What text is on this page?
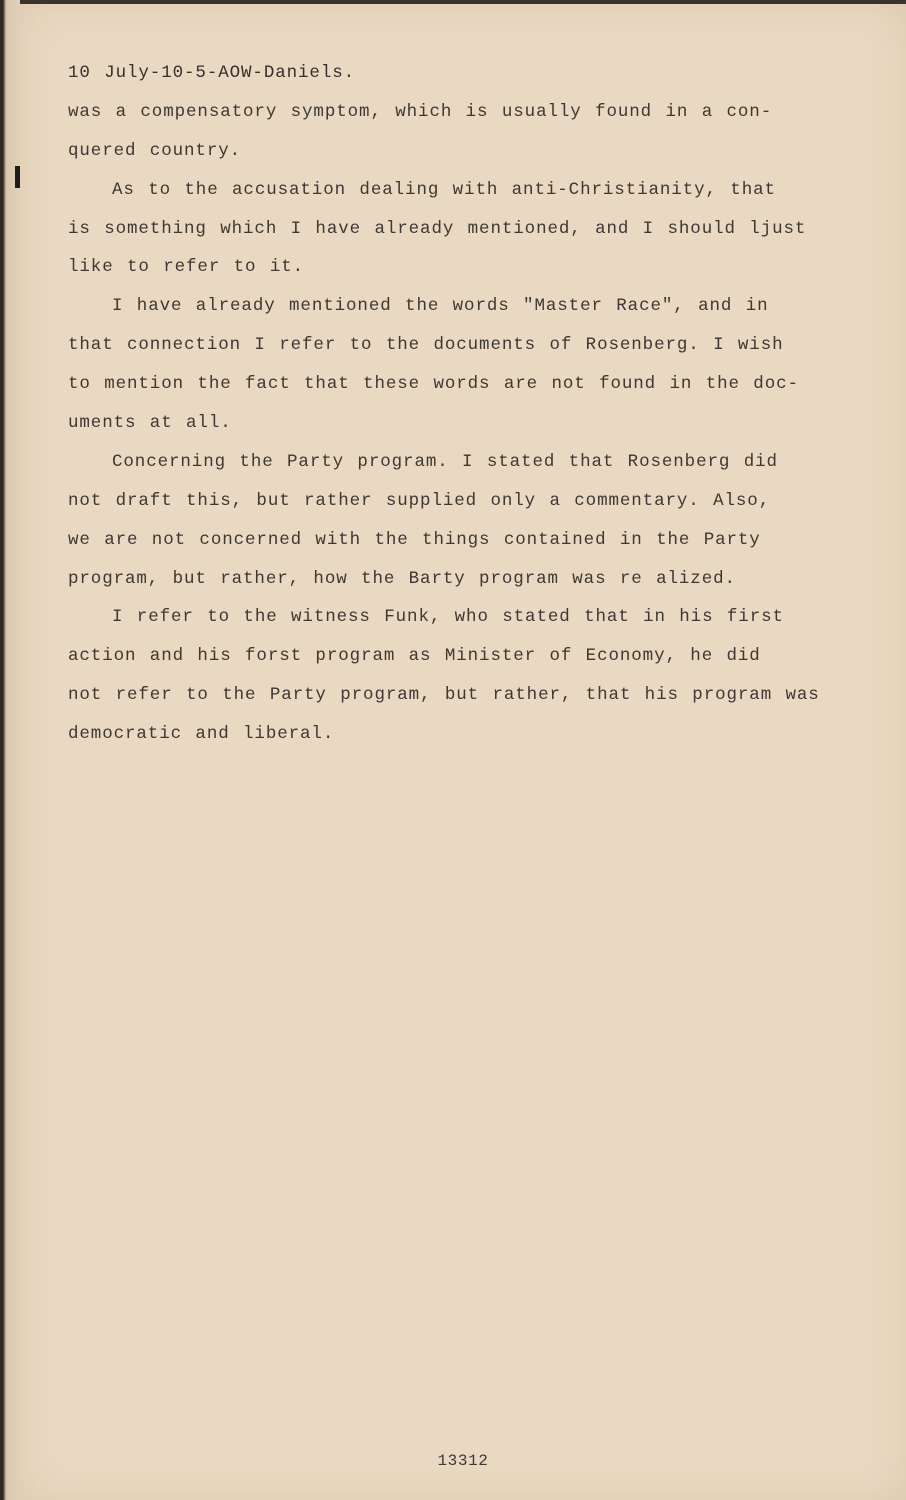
13312
10 July-10-5-AOW-Daniels.
was a compensatory symptom, which is usually found in a con-
quered country.
As to the accusation dealing with anti-Christianity, that
is something which I have already mentioned, and I should ljust
like to refer to it.
I have already mentioned the words "Master Race", and in
that connection I refer to the documents of Rosenberg. I wish
to mention the fact that these words are not found in the doc-
uments at all.
Concerning the Party program. I stated that Rosenberg did
not draft this, but rather supplied only a commentary. Also,
we are not concerned with the things contained in the Party
program, but rather, how the Barty program was re alized.
I refer to the witness Funk, who stated that in his first
action and his forst program as Minister of Economy, he did
not refer to the Party program, but rather, that his program was
democratic and liberal.
